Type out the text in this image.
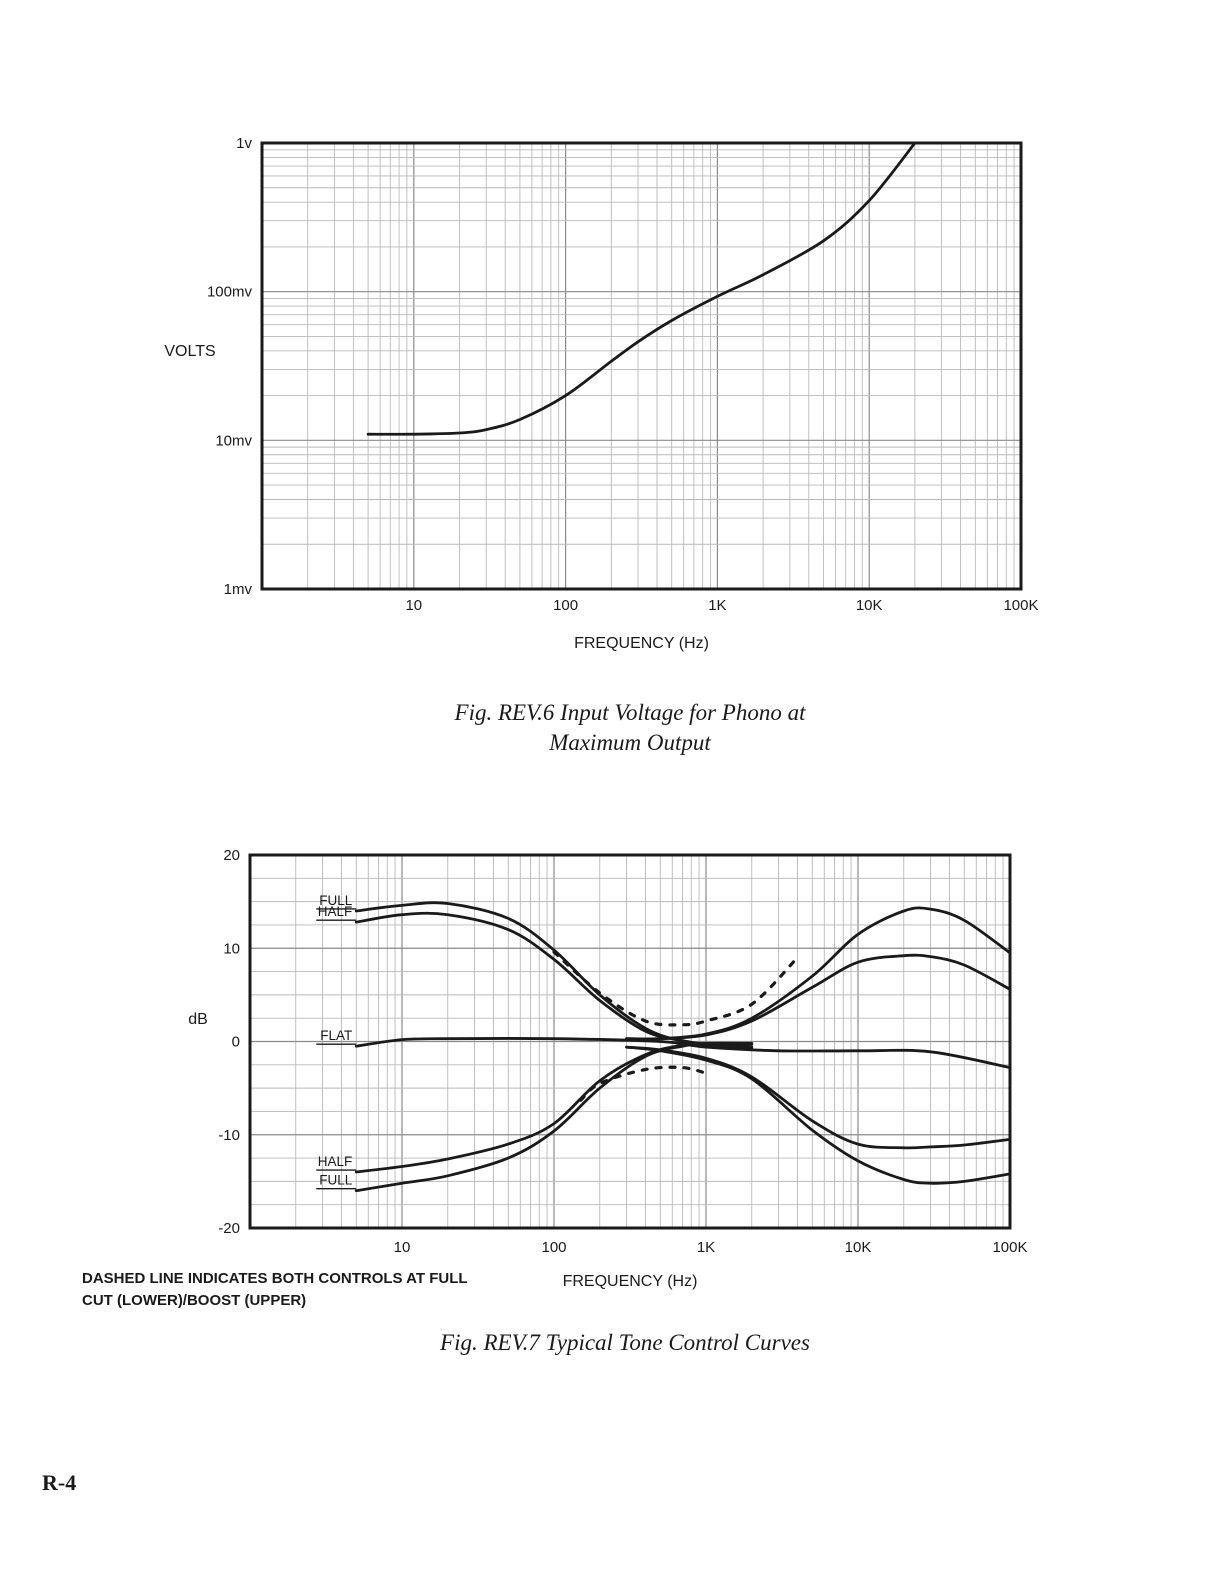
10	100	1K	10K	100K
1mv
10mv
100mv
1v
FREQUENCY (Hz)
VOLTS
10	100	1K	10K	100K
-20
-10
0
10
20
FREQUENCY (Hz)
dB
FULL
HALF
FLAT
HALF
FULL
Fig. REV.6 Input Voltage for Phono at
Maximum Output
DASHED LINE INDICATES BOTH CONTROLS AT FULL
CUT (LOWER)/BOOST (UPPER)
Fig. REV.7 Typical Tone Control Curves
R-4
